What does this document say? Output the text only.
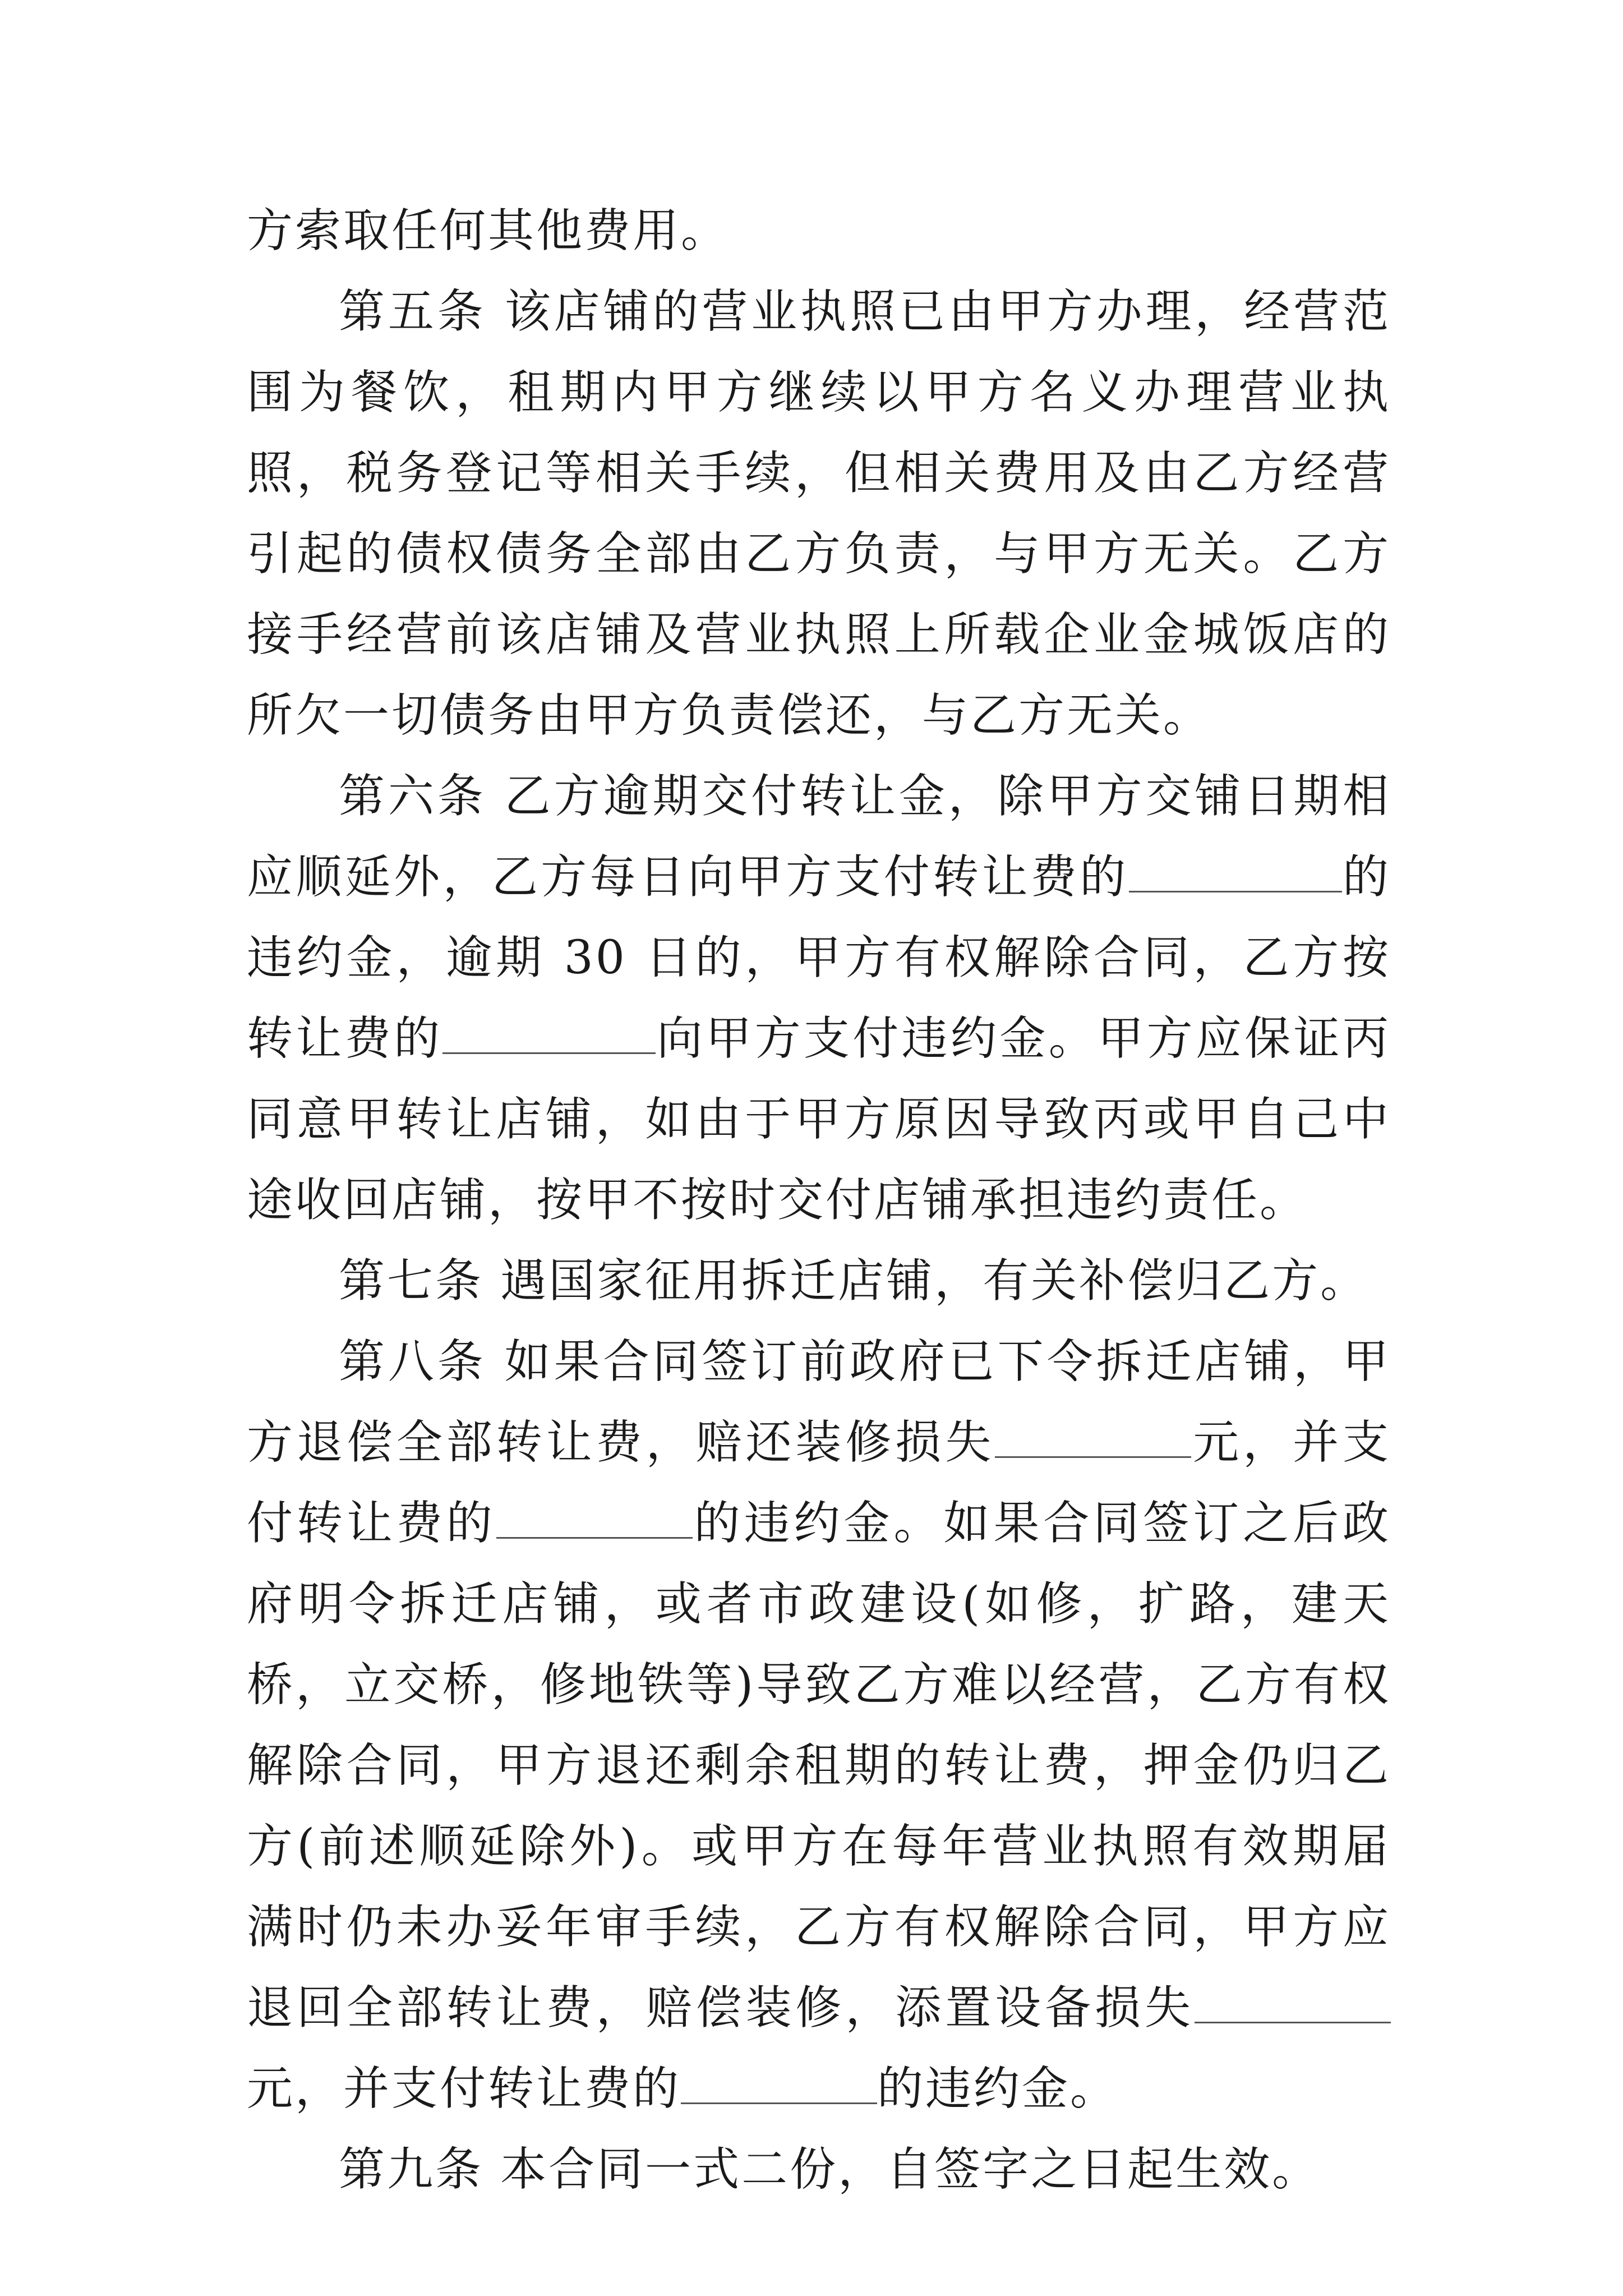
方索取任何其他费用。

第五条 该店铺的营业执照已由甲方办理，经营范围为餐饮，租期内甲方继续以甲方名义办理营业执照，税务登记等相关手续，但相关费用及由乙方经营引起的债权债务全部由乙方负责，与甲方无关。乙方接手经营前该店铺及营业执照上所载企业金城饭店的所欠一切债务由甲方负责偿还，与乙方无关。

第六条 乙方逾期交付转让金，除甲方交铺日期相应顺延外，乙方每日向甲方支付转让费的	的违约金，逾期 30 日的，甲方有权解除合同，乙方按转让费的	向甲方支付违约金。甲方应保证丙同意甲转让店铺，如由于甲方原因导致丙或甲自己中途收回店铺，按甲不按时交付店铺承担违约责任。

第七条 遇国家征用拆迁店铺，有关补偿归乙方。

第八条 如果合同签订前政府已下令拆迁店铺，甲方退偿全部转让费，赔还装修损失	元，并支付转让费的	的违约金。如果合同签订之后政府明令拆迁店铺，或者市政建设(如修，扩路，建天桥，立交桥，修地铁等)导致乙方难以经营，乙方有权解除合同，甲方退还剩余租期的转让费，押金仍归乙方(前述顺延除外)。或甲方在每年营业执照有效期届满时仍未办妥年审手续，乙方有权解除合同，甲方应退回全部转让费，赔偿装修，添置设备损失元，并支付转让费的	的违约金。

第九条 本合同一式二份，自签字之日起生效。
